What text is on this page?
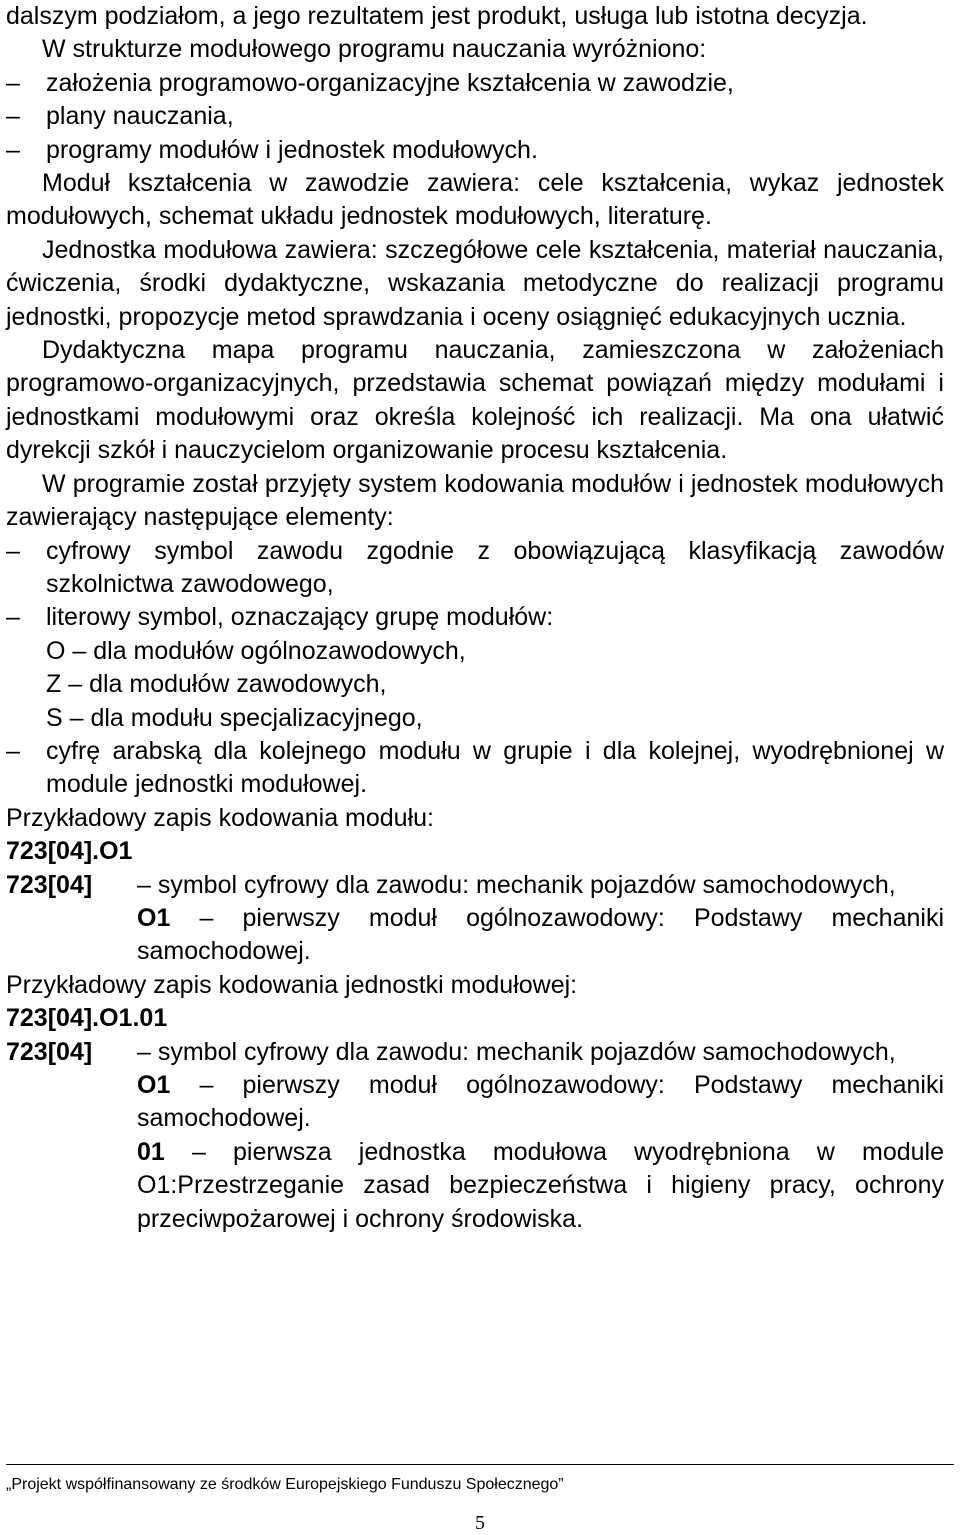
dalszym podziałom, a jego rezultatem jest produkt, usługa lub istotna decyzja.

W strukturze modułowego programu nauczania wyróżniono:

– założenia programowo-organizacyjne kształcenia w zawodzie,
– plany nauczania,
– programy modułów i jednostek modułowych.

Moduł kształcenia w zawodzie zawiera: cele kształcenia, wykaz jednostek modułowych, schemat układu jednostek modułowych, literaturę.

Jednostka modułowa zawiera: szczegółowe cele kształcenia, materiał nauczania, ćwiczenia, środki dydaktyczne, wskazania metodyczne do realizacji programu jednostki, propozycje metod sprawdzania i oceny osiągnięć edukacyjnych ucznia.

Dydaktyczna mapa programu nauczania, zamieszczona w założeniach programowo-organizacyjnych, przedstawia schemat powiązań między modułami i jednostkami modułowymi oraz określa kolejność ich realizacji. Ma ona ułatwić dyrekcji szkół i nauczycielom organizowanie procesu kształcenia.

W programie został przyjęty system kodowania modułów i jednostek modułowych zawierający następujące elementy:

– cyfrowy symbol zawodu zgodnie z obowiązującą klasyfikacją zawodów szkolnictwa zawodowego,
– literowy symbol, oznaczający grupę modułów:
O – dla modułów ogólnozawodowych,
Z – dla modułów zawodowych,
S – dla modułu specjalizacyjnego,
– cyfrę arabską dla kolejnego modułu w grupie i dla kolejnej, wyodrębnionej w module jednostki modułowej.
Przykładowy zapis kodowania modułu:
723[04].O1
723[04] – symbol cyfrowy dla zawodu: mechanik pojazdów samochodowych,
O1 – pierwszy moduł ogólnozawodowy: Podstawy mechaniki samochodowej.
Przykładowy zapis kodowania jednostki modułowej:
723[04].O1.01
723[04] – symbol cyfrowy dla zawodu: mechanik pojazdów samochodowych,
O1 – pierwszy moduł ogólnozawodowy: Podstawy mechaniki samochodowej.
01 – pierwsza jednostka modułowa wyodrębniona w module O1:Przestrzeganie zasad bezpieczeństwa i higieny pracy, ochrony przeciwpożarowej i ochrony środowiska.
„Projekt współfinansowany ze środków Europejskiego Funduszu Społecznego”
5
